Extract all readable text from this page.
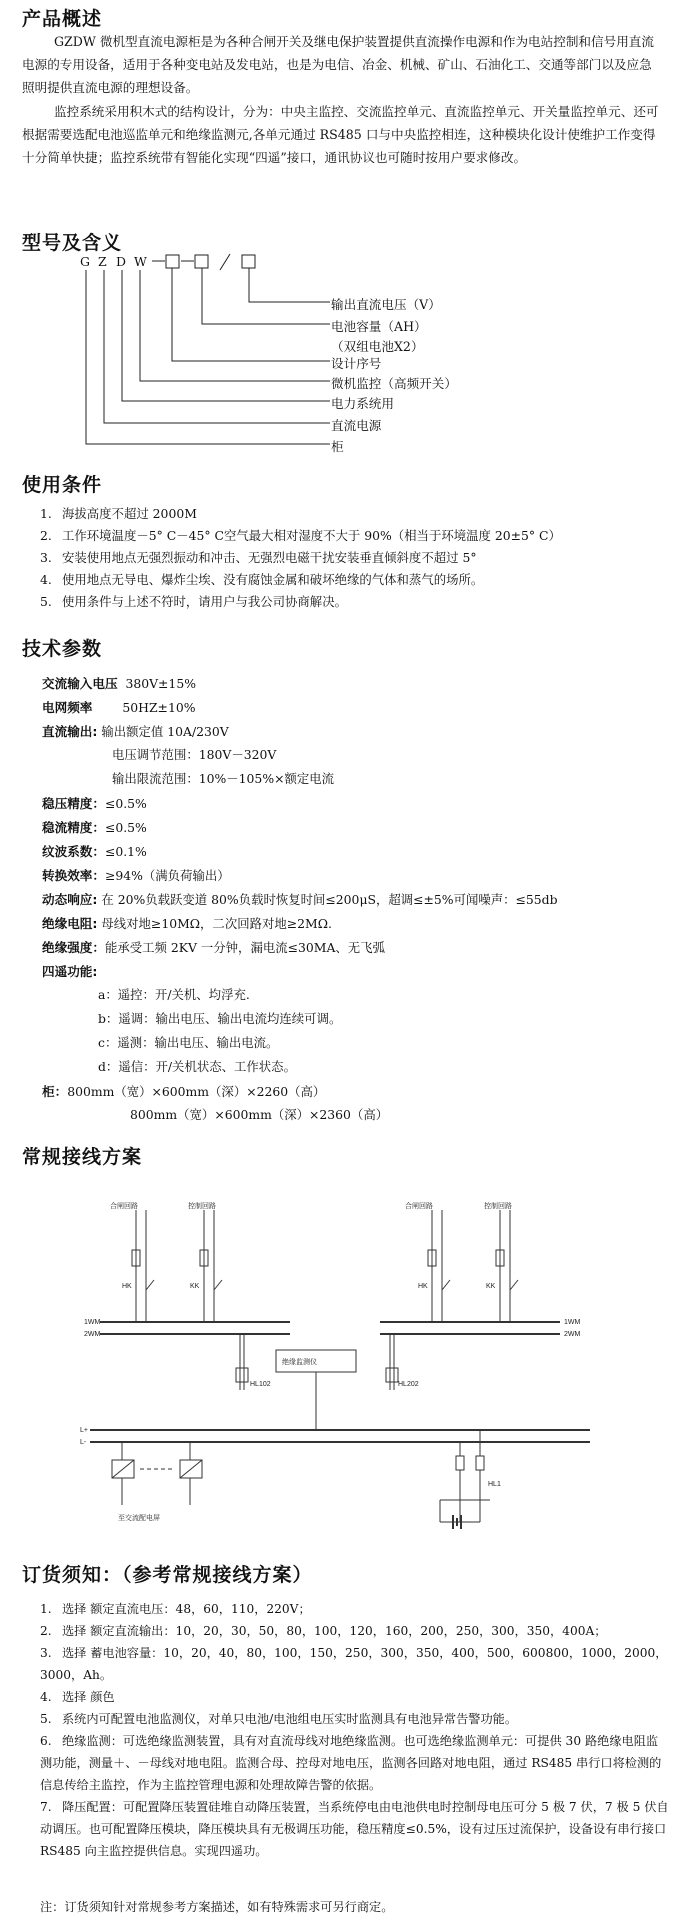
产品概述
GZDW 微机型直流电源柜是为各种合闸开关及继电保护装置提供直流操作电源和作为电站控制和信号用直流电源的专用设备，适用于各种变电站及发电站，也是为电信、冶金、机械、矿山、石油化工、交通等部门以及应急照明提供直流电源的理想设备。
监控系统采用积木式的结构设计，分为：中央主监控、交流监控单元、直流监控单元、开关量监控单元、还可根据需要选配电池巡监单元和绝缘监测元,各单元通过 RS485 口与中央监控相连，这种模块化设计使维护工作变得十分简单快捷；监控系统带有智能化实现“四遥”接口，通讯协议也可随时按用户要求修改。
型号及含义
G Z D W
输出直流电压（V）
电池容量（AH）
（双组电池X2）
设计序号
微机监控（高频开关）
电力系统用
直流电源
柜
使用条件
1. 海拔高度不超过 2000M
2. 工作环境温度－5° C－45° C空气最大相对湿度不大于 90%（相当于环境温度 20±5° C）
3. 安装使用地点无强烈振动和冲击、无强烈电磁干扰安装垂直倾斜度不超过 5°
4. 使用地点无导电、爆炸尘埃、没有腐蚀金属和破坏绝缘的气体和蒸气的场所。
5. 使用条件与上述不符时，请用户与我公司协商解决。
技术参数
交流输入电压 380V±15%
电网频率 50HZ±10%
直流输出: 输出额定值 10A/230V
电压调节范围：180V－320V
输出限流范围：10%－105%×额定电流
稳压精度：≤0.5%
稳流精度：≤0.5%
纹波系数：≤0.1%
转换效率：≥94%（满负荷输出）
动态响应: 在 20%负载跃变道 80%负载时恢复时间≤200μS，超调≤±5%可闻噪声：≤55db
绝缘电阻: 母线对地≥10MΩ，二次回路对地≥2MΩ.
绝缘强度：能承受工频 2KV 一分钟，漏电流≤30MA、无飞弧
四遥功能:
a：遥控：开/关机、均浮充.
b：遥调：输出电压、输出电流均连续可调。
c：遥测：输出电压、输出电流。
d：遥信：开/关机状态、工作状态。
柜：800mm（宽）×600mm（深）×2260（高）
800mm（宽）×600mm（深）×2360（高）
常规接线方案
合闸回路	控制回路	合闸回路	控制回路
HK	KK	HK	KK
1WM
2WM
1WM
2WM
绝缘监测仪
HL102	HL202
HL1
L+
L-
至交流配电屏
订货须知：（参考常规接线方案）
1. 选择 额定直流电压：48，60，110，220V；
2. 选择 额定直流输出：10，20，30，50，80，100，120，160，200，250，300，350，400A；
3. 选择 蓄电池容量：10，20，40，80，100，150，250，300，350，400，500，600800，1000，2000，3000，Ah。
4. 选择 颜色
5. 系统内可配置电池监测仪，对单只电池/电池组电压实时监测具有电池异常告警功能。
6. 绝缘监测：可选绝缘监测装置，具有对直流母线对地绝缘监测。也可选绝缘监测单元：可提供 30 路绝缘电阻监测功能，测量＋、－母线对地电阻。监测合母、控母对地电压，监测各回路对地电阻，通过 RS485 串行口将检测的信息传给主监控，作为主监控管理电源和处理故障告警的依据。
7. 降压配置：可配置降压装置硅堆自动降压装置，当系统停电由电池供电时控制母电压可分 5 极 7 伏，7 极 5 伏自动调压。也可配置降压模块，降压模块具有无极调压功能，稳压精度≤0.5%，设有过压过流保护，设备设有串行接口 RS485 向主监控提供信息。实现四遥功。
注：订货须知针对常规参考方案描述，如有特殊需求可另行商定。
